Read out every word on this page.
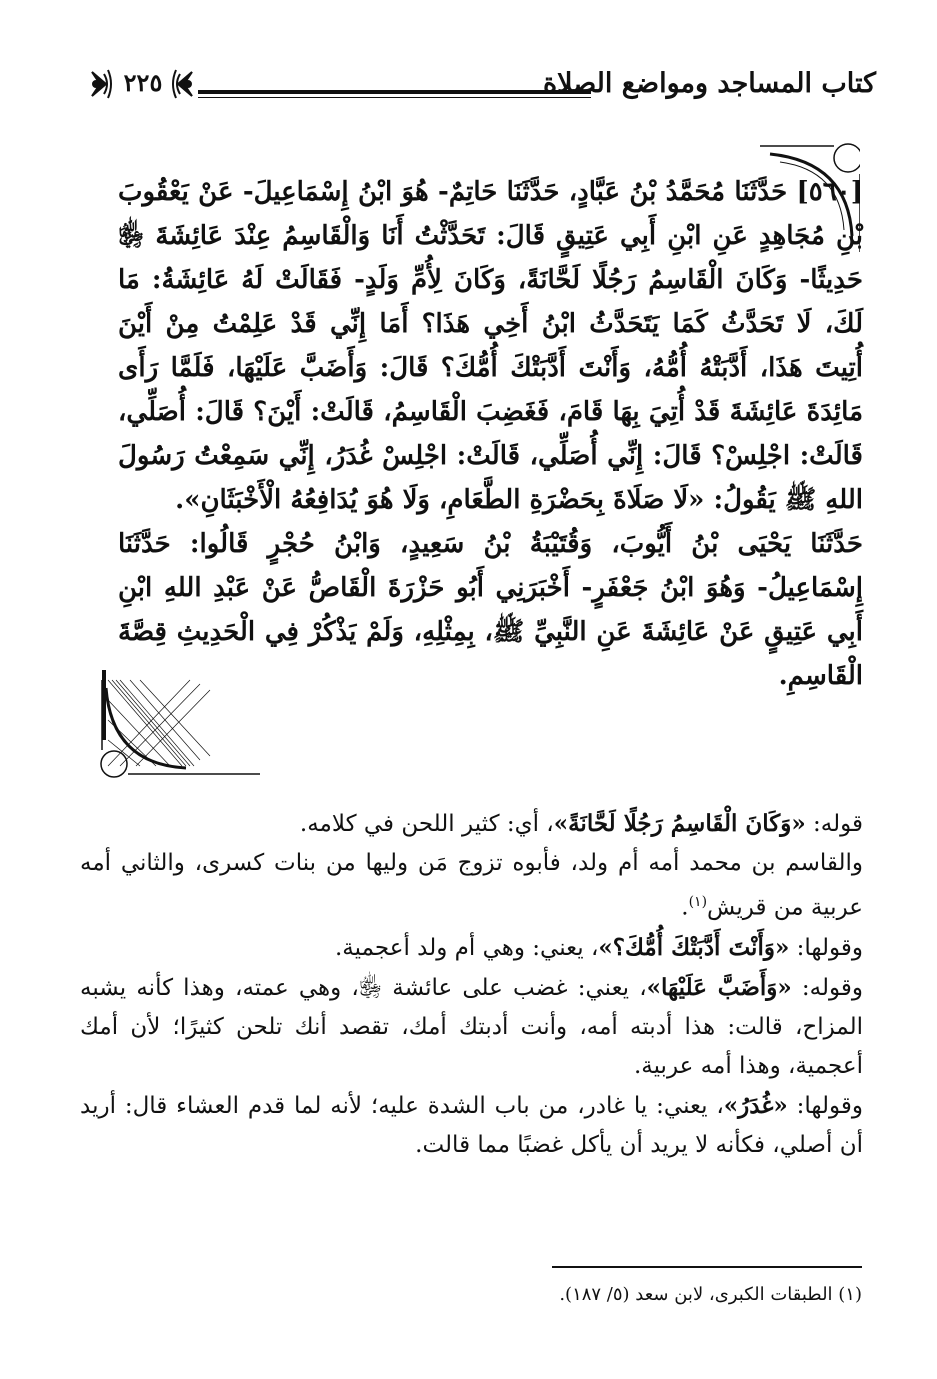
كتاب المساجد ومواضع الصلاة
٢٢٥

[٥٦٠] حَدَّثَنَا مُحَمَّدُ بْنُ عَبَّادٍ، حَدَّثَنَا حَاتِمٌ- هُوَ ابْنُ إِسْمَاعِيلَ- عَنْ يَعْقُوبَ بْنِ مُجَاهِدٍ عَنِ ابْنِ أَبِي عَتِيقٍ قَالَ: تَحَدَّثْتُ أَنَا وَالْقَاسِمُ عِنْدَ عَائِشَةَ ﵂ حَدِيثًا- وَكَانَ الْقَاسِمُ رَجُلًا لَحَّانَةً، وَكَانَ لِأُمِّ وَلَدٍ- فَقَالَتْ لَهُ عَائِشَةُ: مَا لَكَ، لَا تَحَدَّثُ كَمَا يَتَحَدَّثُ ابْنُ أَخِي هَذَا؟ أَمَا إِنِّي قَدْ عَلِمْتُ مِنْ أَيْنَ أُتِيتَ هَذَا، أَدَّبَتْهُ أُمُّهُ، وَأَنْتَ أَدَّبَتْكَ أُمُّكَ؟ قَالَ: وَأَضَبَّ عَلَيْهَا، فَلَمَّا رَأَى مَائِدَةَ عَائِشَةَ قَدْ أُتِيَ بِهَا قَامَ، فَغَضِبَ الْقَاسِمُ، قَالَتْ: أَيْنَ؟ قَالَ: أُصَلِّي، قَالَتْ: اجْلِسْ؟ قَالَ: إِنِّي أُصَلِّي، قَالَتْ: اجْلِسْ غُدَرُ، إِنِّي سَمِعْتُ رَسُولَ اللهِ ﷺ يَقُولُ: «لَا صَلَاةَ بِحَضْرَةِ الطَّعَامِ، وَلَا هُوَ يُدَافِعُهُ الْأَخْبَثَانِ».

حَدَّثَنَا يَحْيَى بْنُ أَيُّوبَ، وَقُتَيْبَةُ بْنُ سَعِيدٍ، وَابْنُ حُجْرٍ قَالُوا: حَدَّثَنَا إِسْمَاعِيلُ- وَهُوَ ابْنُ جَعْفَرٍ- أَخْبَرَنِي أَبُو حَزْرَةَ الْقَاصُّ عَنْ عَبْدِ اللهِ ابْنِ أَبِي عَتِيقٍ عَنْ عَائِشَةَ عَنِ النَّبِيِّ ﷺ، بِمِثْلِهِ، وَلَمْ يَذْكُرْ فِي الْحَدِيثِ قِصَّةَ الْقَاسِمِ.

قوله: «وَكَانَ الْقَاسِمُ رَجُلًا لَحَّانَةً»، أي: كثير اللحن في كلامه.

والقاسم بن محمد أمه أم ولد، فأبوه تزوج مَن وليها من بنات كسرى، والثاني أمه عربية من قريش$^{(١)}$.

وقولها: «وَأَنْتَ أَدَّبَتْكَ أُمُّكَ؟»، يعني: وهي أم ولد أعجمية.

وقوله: «وَأَضَبَّ عَلَيْهَا»، يعني: غضب على عائشة ﵂، وهي عمته، وهذا كأنه يشبه المزاح، قالت: هذا أدبته أمه، وأنت أدبتك أمك، تقصد أنك تلحن كثيرًا؛ لأن أمك أعجمية، وهذا أمه عربية.

وقولها: «غُدَرُ»، يعني: يا غادر، من باب الشدة عليه؛ لأنه لما قدم العشاء قال: أريد أن أصلي، فكأنه لا يريد أن يأكل غضبًا مما قالت.

(١) الطبقات الكبرى، لابن سعد (٥/ ١٨٧).
